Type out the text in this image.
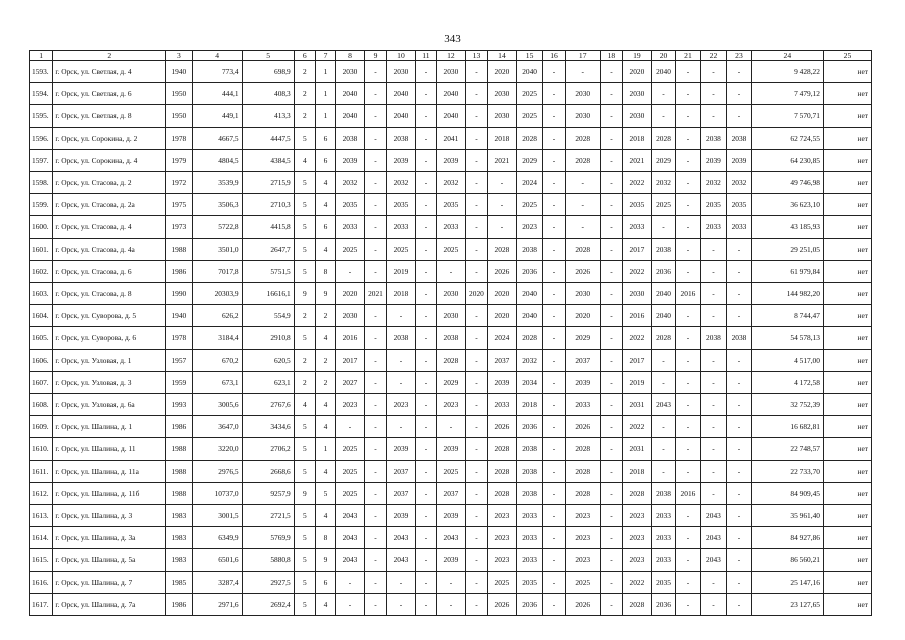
343
1	2	3	4	5	6	7	8	9	10	11	12	13	14	15	16	17	18	19	20	21	22	23	24	25
1593.	г. Орск, ул. Светлая, д. 4	1940	773,4	698,9	2	1	2030	-	2030	-	2030	-	2020	2040	-	-	-	2020	2040	-	-	-	9 428,22	нет
1594.	г. Орск, ул. Светлая, д. 6	1950	444,1	408,3	2	1	2040	-	2040	-	2040	-	2030	2025	-	2030	-	2030	-	-	-	-	7 479,12	нет
1595.	г. Орск, ул. Светлая, д. 8	1950	449,1	413,3	2	1	2040	-	2040	-	2040	-	2030	2025	-	2030	-	2030	-	-	-	-	7 570,71	нет
1596.	г. Орск, ул. Сорокина, д. 2	1978	4667,5	4447,5	5	6	2038	-	2038	-	2041	-	2018	2028	-	2028	-	2018	2028	-	2038	2038	62 724,55	нет
1597.	г. Орск, ул. Сорокина, д. 4	1979	4804,5	4384,5	4	6	2039	-	2039	-	2039	-	2021	2029	-	2028	-	2021	2029	-	2039	2039	64 230,85	нет
1598.	г. Орск, ул. Стасова, д. 2	1972	3539,9	2715,9	5	4	2032	-	2032	-	2032	-	-	2024	-	-	-	2022	2032	-	2032	2032	49 746,98	нет
1599.	г. Орск, ул. Стасова, д. 2а	1975	3506,3	2710,3	5	4	2035	-	2035	-	2035	-	-	2025	-	-	-	2035	2025	-	2035	2035	36 623,10	нет
1600.	г. Орск, ул. Стасова, д. 4	1973	5722,8	4415,8	5	6	2033	-	2033	-	2033	-	-	2023	-	-	-	2033	-	-	2033	2033	43 185,93	нет
1601.	г. Орск, ул. Стасова, д. 4а	1988	3501,0	2647,7	5	4	2025	-	2025	-	2025	-	2028	2038	-	2028	-	2017	2038	-	-	-	29 251,05	нет
1602.	г. Орск, ул. Стасова, д. 6	1986	7017,8	5751,5	5	8	-	-	2019	-	-	-	2026	2036	-	2026	-	2022	2036	-	-	-	61 979,84	нет
1603.	г. Орск, ул. Стасова, д. 8	1990	20303,9	16616,1	9	9	2020	2021	2018	-	2030	2020	2020	2040	-	2030	-	2030	2040	2016	-	-	144 982,20	нет
1604.	г. Орск, ул. Суворова, д. 5	1940	626,2	554,9	2	2	2030	-	-	-	2030	-	2020	2040	-	2020	-	2016	2040	-	-	-	8 744,47	нет
1605.	г. Орск, ул. Суворова, д. 6	1978	3184,4	2910,8	5	4	2016	-	2038	-	2038	-	2024	2028	-	2029	-	2022	2028	-	2038	2038	54 578,13	нет
1606.	г. Орск, ул. Узловая, д. 1	1957	670,2	620,5	2	2	2017	-	-	-	2028	-	2037	2032	-	2037	-	2017	-	-	-	-	4 517,00	нет
1607.	г. Орск, ул. Узловая, д. 3	1959	673,1	623,1	2	2	2027	-	-	-	2029	-	2039	2034	-	2039	-	2019	-	-	-	-	4 172,58	нет
1608.	г. Орск, ул. Узловая, д. 6а	1993	3005,6	2767,6	4	4	2023	-	2023	-	2023	-	2033	2018	-	2033	-	2031	2043	-	-	-	32 752,39	нет
1609.	г. Орск, ул. Шалина, д. 1	1986	3647,0	3434,6	5	4	-	-	-	-	-	-	2026	2036	-	2026	-	2022	-	-	-	-	16 682,81	нет
1610.	г. Орск, ул. Шалина, д. 11	1988	3220,0	2706,2	5	1	2025	-	2039	-	2039	-	2028	2038	-	2028	-	2031	-	-	-	-	22 748,57	нет
1611.	г. Орск, ул. Шалина, д. 11а	1988	2976,5	2668,6	5	4	2025	-	2037	-	2025	-	2028	2038	-	2028	-	2018	-	-	-	-	22 733,70	нет
1612.	г. Орск, ул. Шалина, д. 11б	1988	10737,0	9257,9	9	5	2025	-	2037	-	2037	-	2028	2038	-	2028	-	2028	2038	2016	-	-	84 909,45	нет
1613.	г. Орск, ул. Шалина, д. 3	1983	3001,5	2721,5	5	4	2043	-	2039	-	2039	-	2023	2033	-	2023	-	2023	2033	-	2043	-	35 961,40	нет
1614.	г. Орск, ул. Шалина, д. 3а	1983	6349,9	5769,9	5	8	2043	-	2043	-	2043	-	2023	2033	-	2023	-	2023	2033	-	2043	-	84 927,86	нет
1615.	г. Орск, ул. Шалина, д. 5а	1983	6501,6	5880,8	5	9	2043	-	2043	-	2039	-	2023	2033	-	2023	-	2023	2033	-	2043	-	86 560,21	нет
1616.	г. Орск, ул. Шалина, д. 7	1985	3287,4	2927,5	5	6	-	-	-	-	-	-	2025	2035	-	2025	-	2022	2035	-	-	-	25 147,16	нет
1617.	г. Орск, ул. Шалина, д. 7а	1986	2971,6	2692,4	5	4	-	-	-	-	-	-	2026	2036	-	2026	-	2028	2036	-	-	-	23 127,65	нет
